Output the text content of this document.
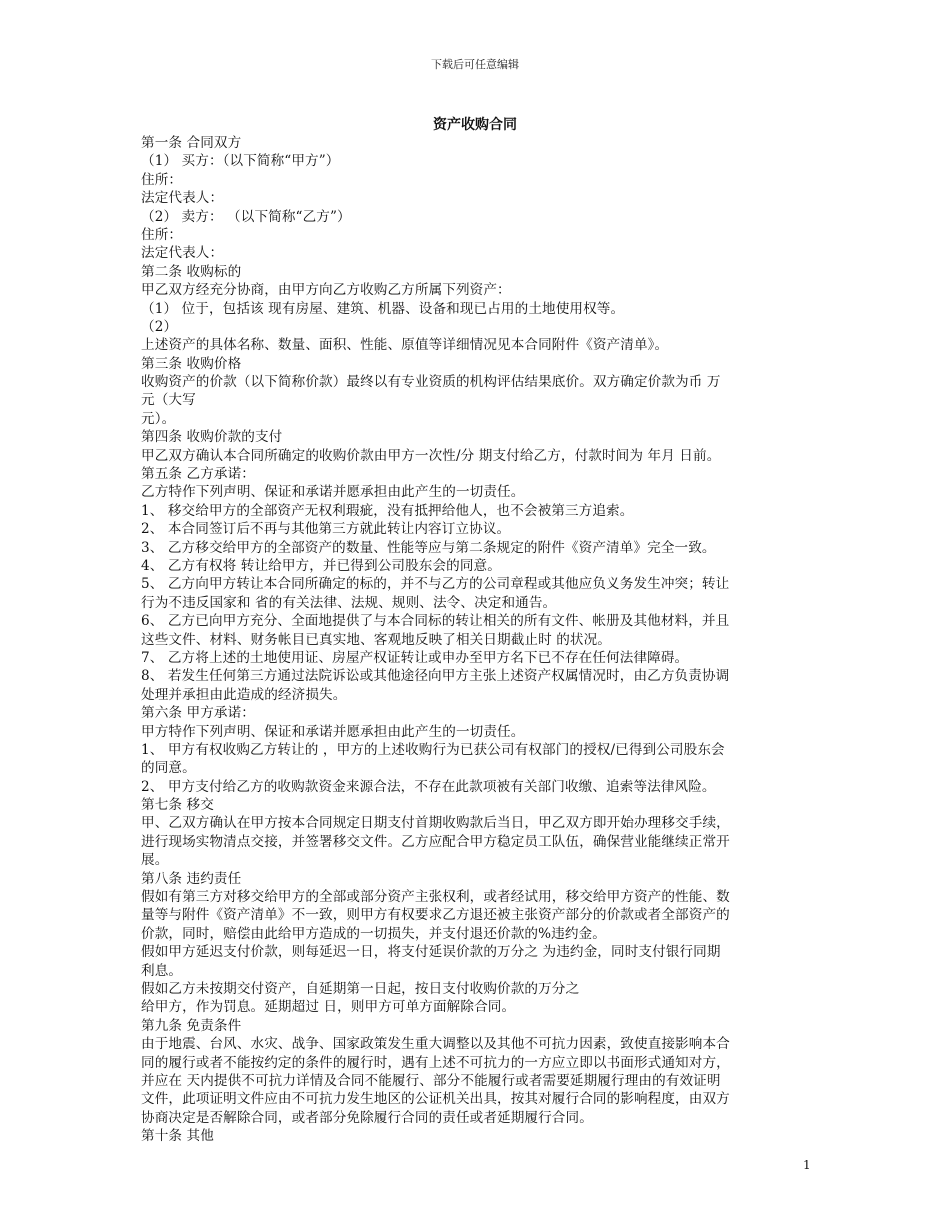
下载后可任意编辑
资产收购合同
第一条 合同双方
（1） 买方：（以下简称“甲方”）
住所：
法定代表人：
（2） 卖方： （以下简称“乙方”）
住所：
法定代表人：
第二条 收购标的
甲乙双方经充分协商，由甲方向乙方收购乙方所属下列资产：
（1） 位于，包括该 现有房屋、建筑、机器、设备和现已占用的土地使用权等。
（2）
上述资产的具体名称、数量、面积、性能、原值等详细情况见本合同附件《资产清单》。
第三条 收购价格
收购资产的价款（以下简称价款）最终以有专业资质的机构评估结果底价。双方确定价款为币 万
元（大写
元）。
第四条 收购价款的支付
甲乙双方确认本合同所确定的收购价款由甲方一次性/分 期支付给乙方，付款时间为 年月 日前。
第五条 乙方承诺：
乙方特作下列声明、保证和承诺并愿承担由此产生的一切责任。
1、 移交给甲方的全部资产无权利瑕疵，没有抵押给他人，也不会被第三方追索。
2、 本合同签订后不再与其他第三方就此转让内容订立协议。
3、 乙方移交给甲方的全部资产的数量、性能等应与第二条规定的附件《资产清单》完全一致。
4、 乙方有权将 转让给甲方，并已得到公司股东会的同意。
5、 乙方向甲方转让本合同所确定的标的，并不与乙方的公司章程或其他应负义务发生冲突；转让
行为不违反国家和 省的有关法律、法规、规则、法令、决定和通告。
6、 乙方已向甲方充分、全面地提供了与本合同标的转让相关的所有文件、帐册及其他材料，并且
这些文件、材料、财务帐目已真实地、客观地反映了相关日期截止时 的状况。
7、 乙方将上述的土地使用证、房屋产权证转让或申办至甲方名下已不存在任何法律障碍。
8、 若发生任何第三方通过法院诉讼或其他途径向甲方主张上述资产权属情况时，由乙方负责协调
处理并承担由此造成的经济损失。
第六条 甲方承诺：
甲方特作下列声明、保证和承诺并愿承担由此产生的一切责任。
1、 甲方有权收购乙方转让的 ，甲方的上述收购行为已获公司有权部门的授权/已得到公司股东会
的同意。
2、 甲方支付给乙方的收购款资金来源合法，不存在此款项被有关部门收缴、追索等法律风险。
第七条 移交
甲、乙双方确认在甲方按本合同规定日期支付首期收购款后当日，甲乙双方即开始办理移交手续，
进行现场实物清点交接，并签署移交文件。乙方应配合甲方稳定员工队伍，确保营业能继续正常开
展。
第八条 违约责任
假如有第三方对移交给甲方的全部或部分资产主张权利，或者经试用，移交给甲方资产的性能、数
量等与附件《资产清单》不一致，则甲方有权要求乙方退还被主张资产部分的价款或者全部资产的
价款，同时，赔偿由此给甲方造成的一切损失，并支付退还价款的%违约金。
假如甲方延迟支付价款，则每延迟一日，将支付延误价款的万分之 为违约金，同时支付银行同期
利息。
假如乙方未按期交付资产，自延期第一日起，按日支付收购价款的万分之
给甲方，作为罚息。延期超过 日，则甲方可单方面解除合同。
第九条 免责条件
由于地震、台风、水灾、战争、国家政策发生重大调整以及其他不可抗力因素，致使直接影响本合
同的履行或者不能按约定的条件的履行时，遇有上述不可抗力的一方应立即以书面形式通知对方，
并应在 天内提供不可抗力详情及合同不能履行、部分不能履行或者需要延期履行理由的有效证明
文件，此项证明文件应由不可抗力发生地区的公证机关出具，按其对履行合同的影响程度，由双方
协商决定是否解除合同，或者部分免除履行合同的责任或者延期履行合同。
第十条 其他
1
